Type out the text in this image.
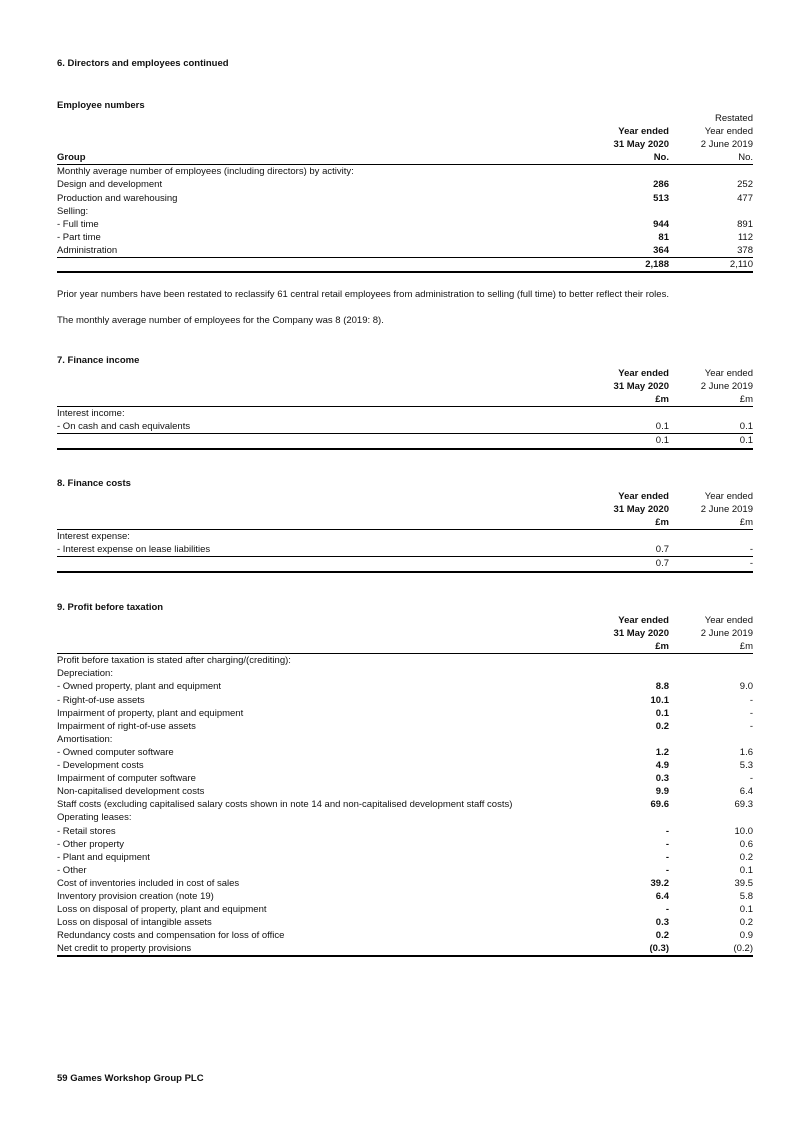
6. Directors and employees continued
Employee numbers
		Restated
	Year ended	Year ended
	31 May 2020	2 June 2019
Group	No.	No.
Monthly average number of employees (including directors) by activity:		
Design and development	286	252
Production and warehousing	513	477
Selling:		
- Full time	944	891
- Part time	81	112
Administration	364	378
	2,188	2,110
Prior year numbers have been restated to reclassify 61 central retail employees from administration to selling (full time) to better reflect their roles.
The monthly average number of employees for the Company was 8 (2019: 8).
7. Finance income
	Year ended	Year ended
	31 May 2020	2 June 2019
	£m	£m
Interest income:		
- On cash and cash equivalents	0.1	0.1
	0.1	0.1
8. Finance costs
	Year ended	Year ended
	31 May 2020	2 June 2019
	£m	£m
Interest expense:		
- Interest expense on lease liabilities	0.7	-
	0.7	-
9. Profit before taxation
	Year ended	Year ended
	31 May 2020	2 June 2019
	£m	£m
Profit before taxation is stated after charging/(crediting):		
Depreciation:		
- Owned property, plant and equipment	8.8	9.0
- Right-of-use assets	10.1	-
Impairment of property, plant and equipment	0.1	-
Impairment of right-of-use assets	0.2	-
Amortisation:		
- Owned computer software	1.2	1.6
- Development costs	4.9	5.3
Impairment of computer software	0.3	-
Non-capitalised development costs	9.9	6.4
Staff costs (excluding capitalised salary costs shown in note 14 and non-capitalised development staff costs)	69.6	69.3
Operating leases:		
- Retail stores	-	10.0
- Other property	-	0.6
- Plant and equipment	-	0.2
- Other	-	0.1
Cost of inventories included in cost of sales	39.2	39.5
Inventory provision creation (note 19)	6.4	5.8
Loss on disposal of property, plant and equipment	-	0.1
Loss on disposal of intangible assets	0.3	0.2
Redundancy costs and compensation for loss of office	0.2	0.9
Net credit to property provisions	(0.3)	(0.2)
59 Games Workshop Group PLC
